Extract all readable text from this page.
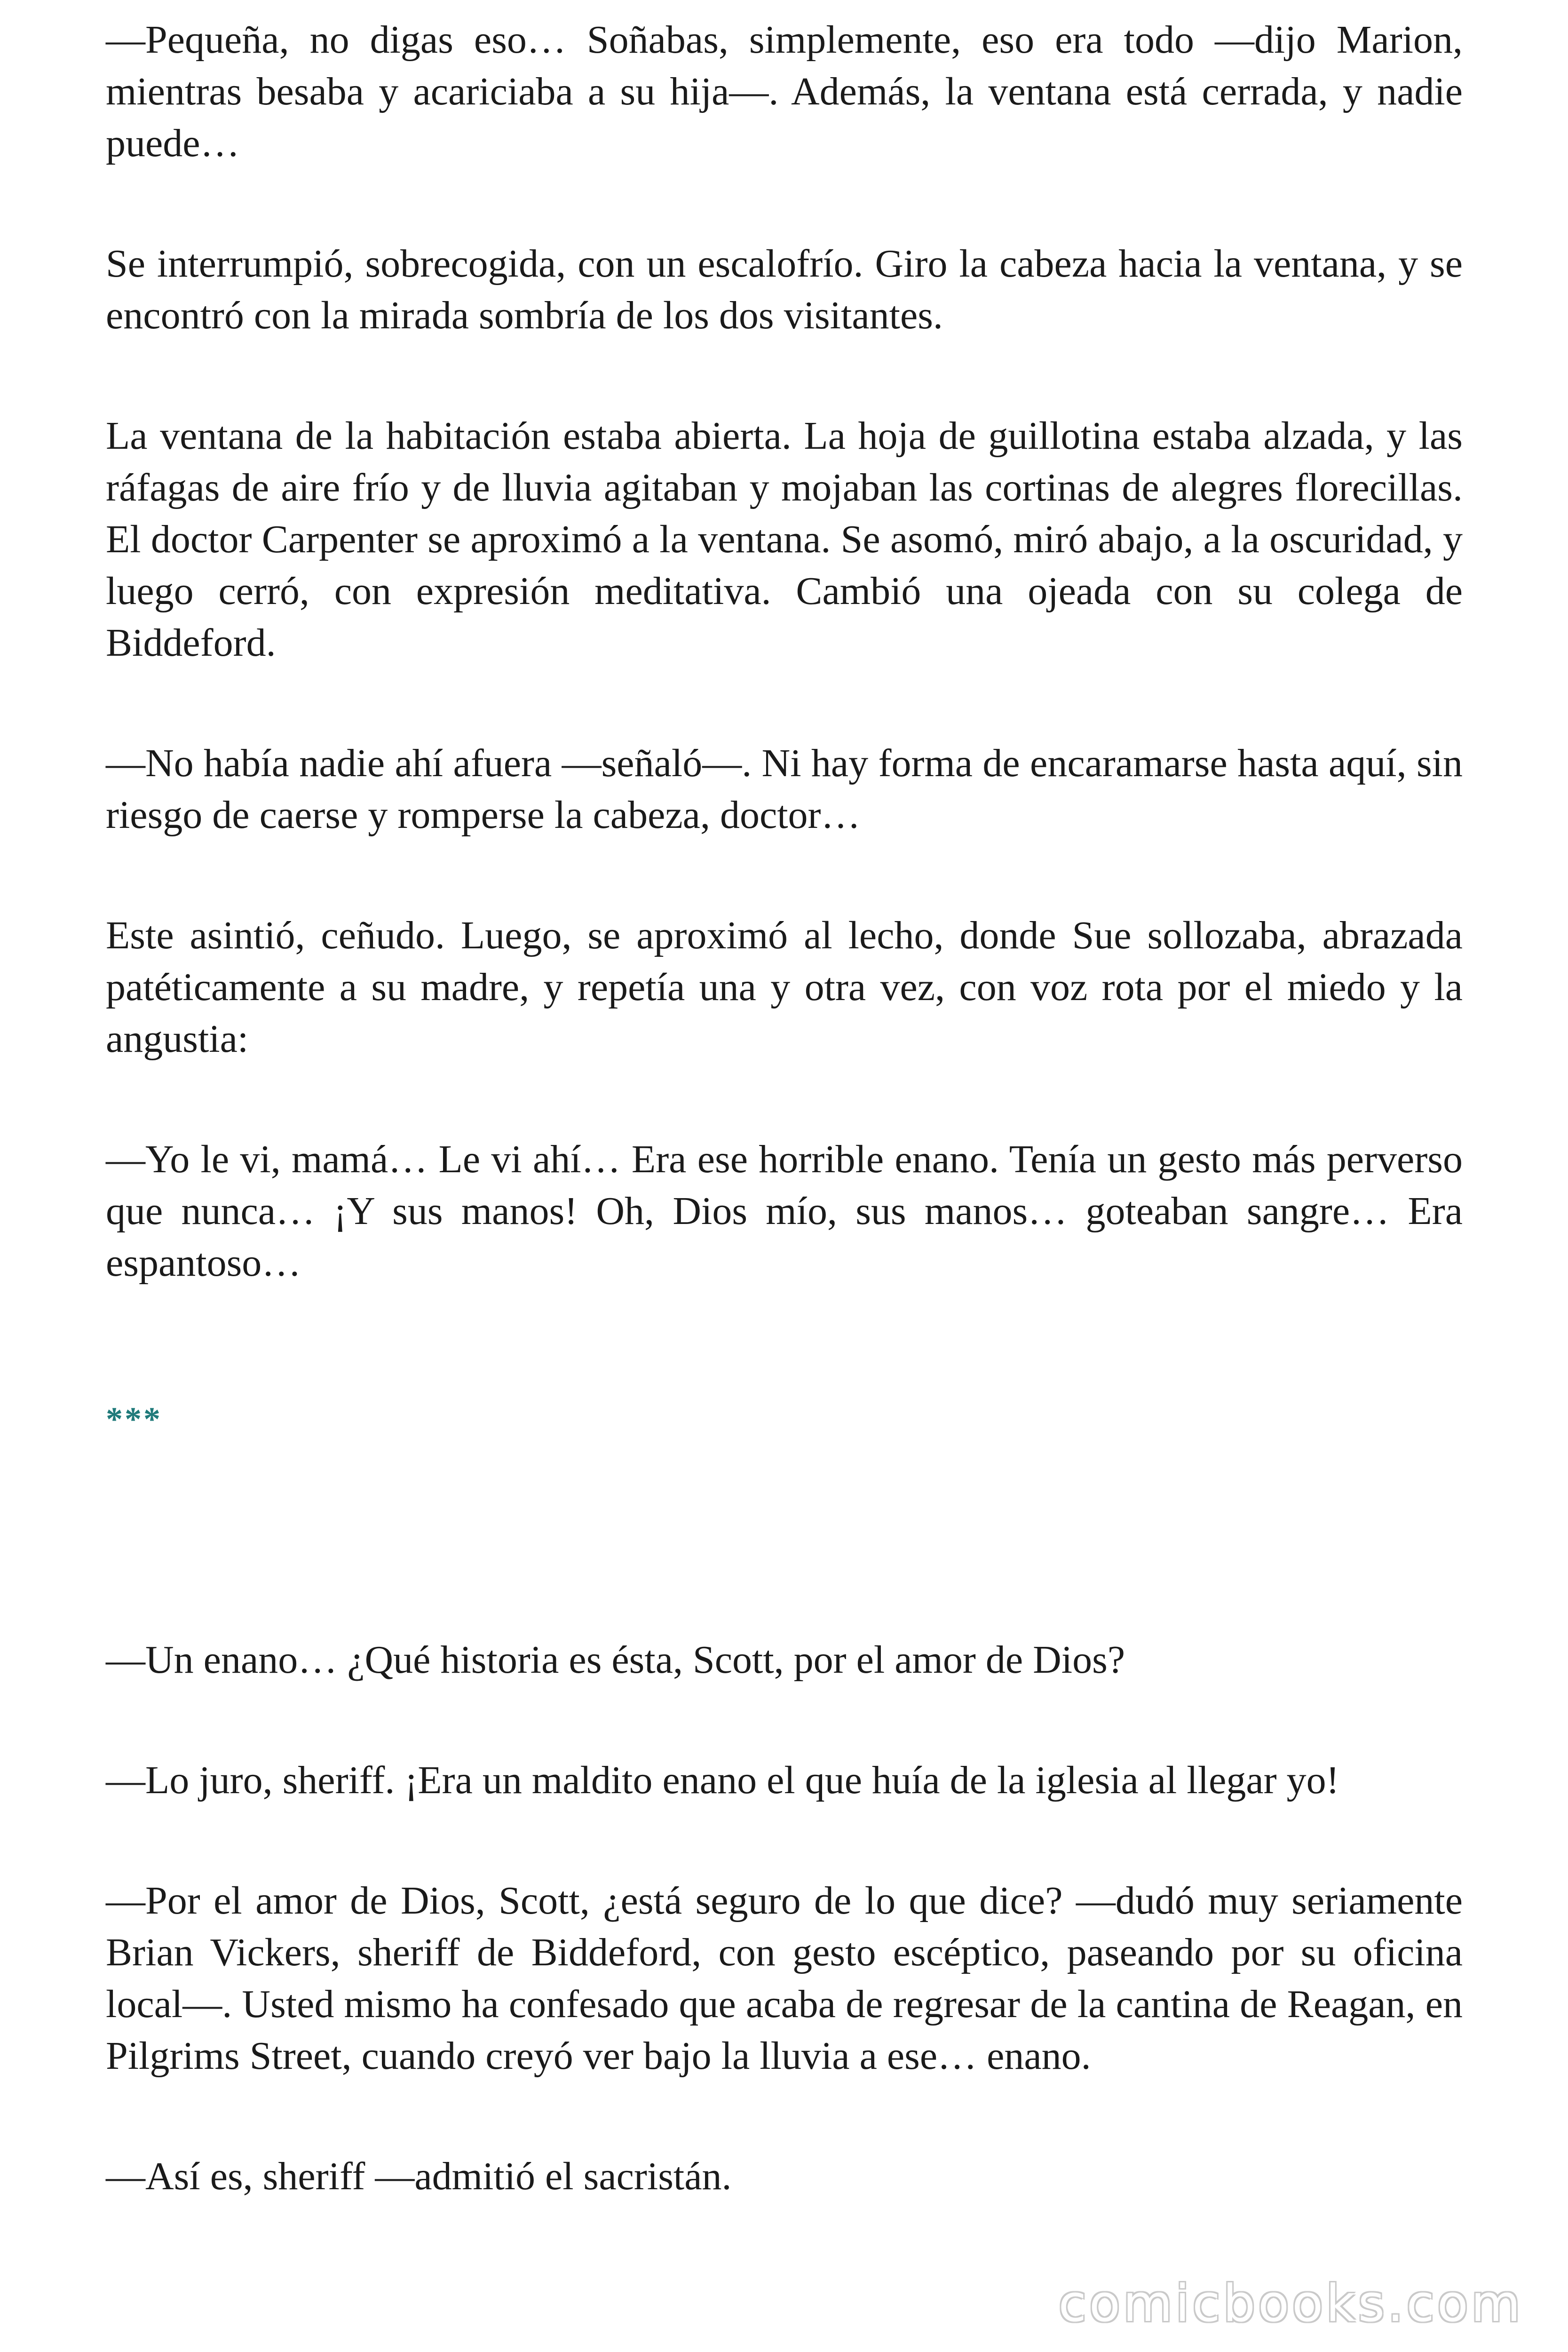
—Pequeña, no digas eso… Soñabas, simplemente, eso era todo —dijo Marion, mientras besaba y acariciaba a su hija—. Además, la ventana está cerrada, y nadie puede…

Se interrumpió, sobrecogida, con un escalofrío. Giro la cabeza hacia la ventana, y se encontró con la mirada sombría de los dos visitantes.

La ventana de la habitación estaba abierta. La hoja de guillotina estaba alzada, y las ráfagas de aire frío y de lluvia agitaban y mojaban las cortinas de alegres florecillas. El doctor Carpenter se aproximó a la ventana. Se asomó, miró abajo, a la oscuridad, y luego cerró, con expresión meditativa. Cambió una ojeada con su colega de Biddeford.

—No había nadie ahí afuera —señaló—. Ni hay forma de encaramarse hasta aquí, sin riesgo de caerse y romperse la cabeza, doctor…

Este asintió, ceñudo. Luego, se aproximó al lecho, donde Sue sollozaba, abrazada patéticamente a su madre, y repetía una y otra vez, con voz rota por el miedo y la angustia:

—Yo le vi, mamá… Le vi ahí… Era ese horrible enano. Tenía un gesto más perverso que nunca… ¡Y sus manos! Oh, Dios mío, sus manos… goteaban sangre… Era espantoso…

***

—Un enano… ¿Qué historia es ésta, Scott, por el amor de Dios?

—Lo juro, sheriff. ¡Era un maldito enano el que huía de la iglesia al llegar yo!

—Por el amor de Dios, Scott, ¿está seguro de lo que dice? —dudó muy seriamente Brian Vickers, sheriff de Biddeford, con gesto escéptico, paseando por su oficina local—. Usted mismo ha confesado que acaba de regresar de la cantina de Reagan, en Pilgrims Street, cuando creyó ver bajo la lluvia a ese… enano.

—Así es, sheriff —admitió el sacristán.

comicbooks.com
